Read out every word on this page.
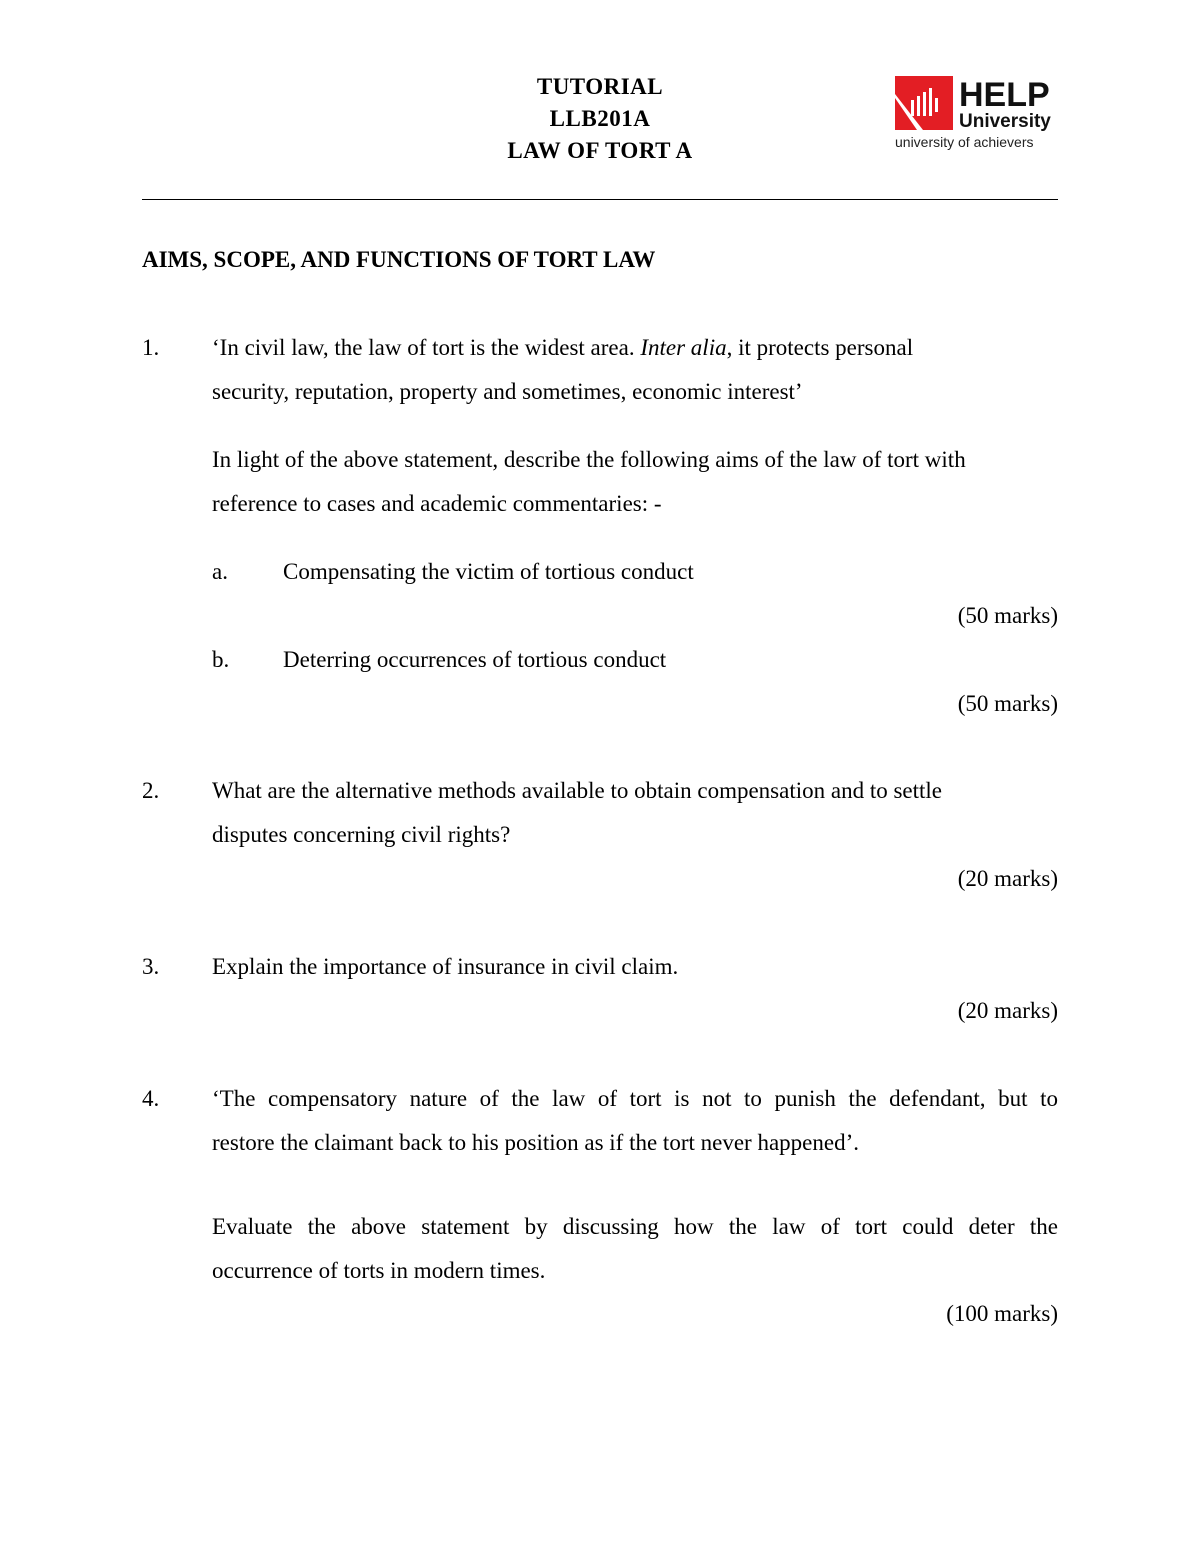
TUTORIAL
LLB201A
LAW OF TORT A
HELP
University
university of achievers
AIMS, SCOPE, AND FUNCTIONS OF TORT LAW
1.	‘In civil law, the law of tort is the widest area. Inter alia, it protects personal
security, reputation, property and sometimes, economic interest’
In light of the above statement, describe the following aims of the law of tort with
reference to cases and academic commentaries: -
a.	Compensating the victim of tortious conduct
(50 marks)
b.	Deterring occurrences of tortious conduct
(50 marks)
2.	What are the alternative methods available to obtain compensation and to settle
disputes concerning civil rights?
(20 marks)
3.	Explain the importance of insurance in civil claim.
(20 marks)
4.	‘The compensatory nature of the law of tort is not to punish the defendant, but to
restore the claimant back to his position as if the tort never happened’.
Evaluate the above statement by discussing how the law of tort could deter the
occurrence of torts in modern times.
(100 marks)
